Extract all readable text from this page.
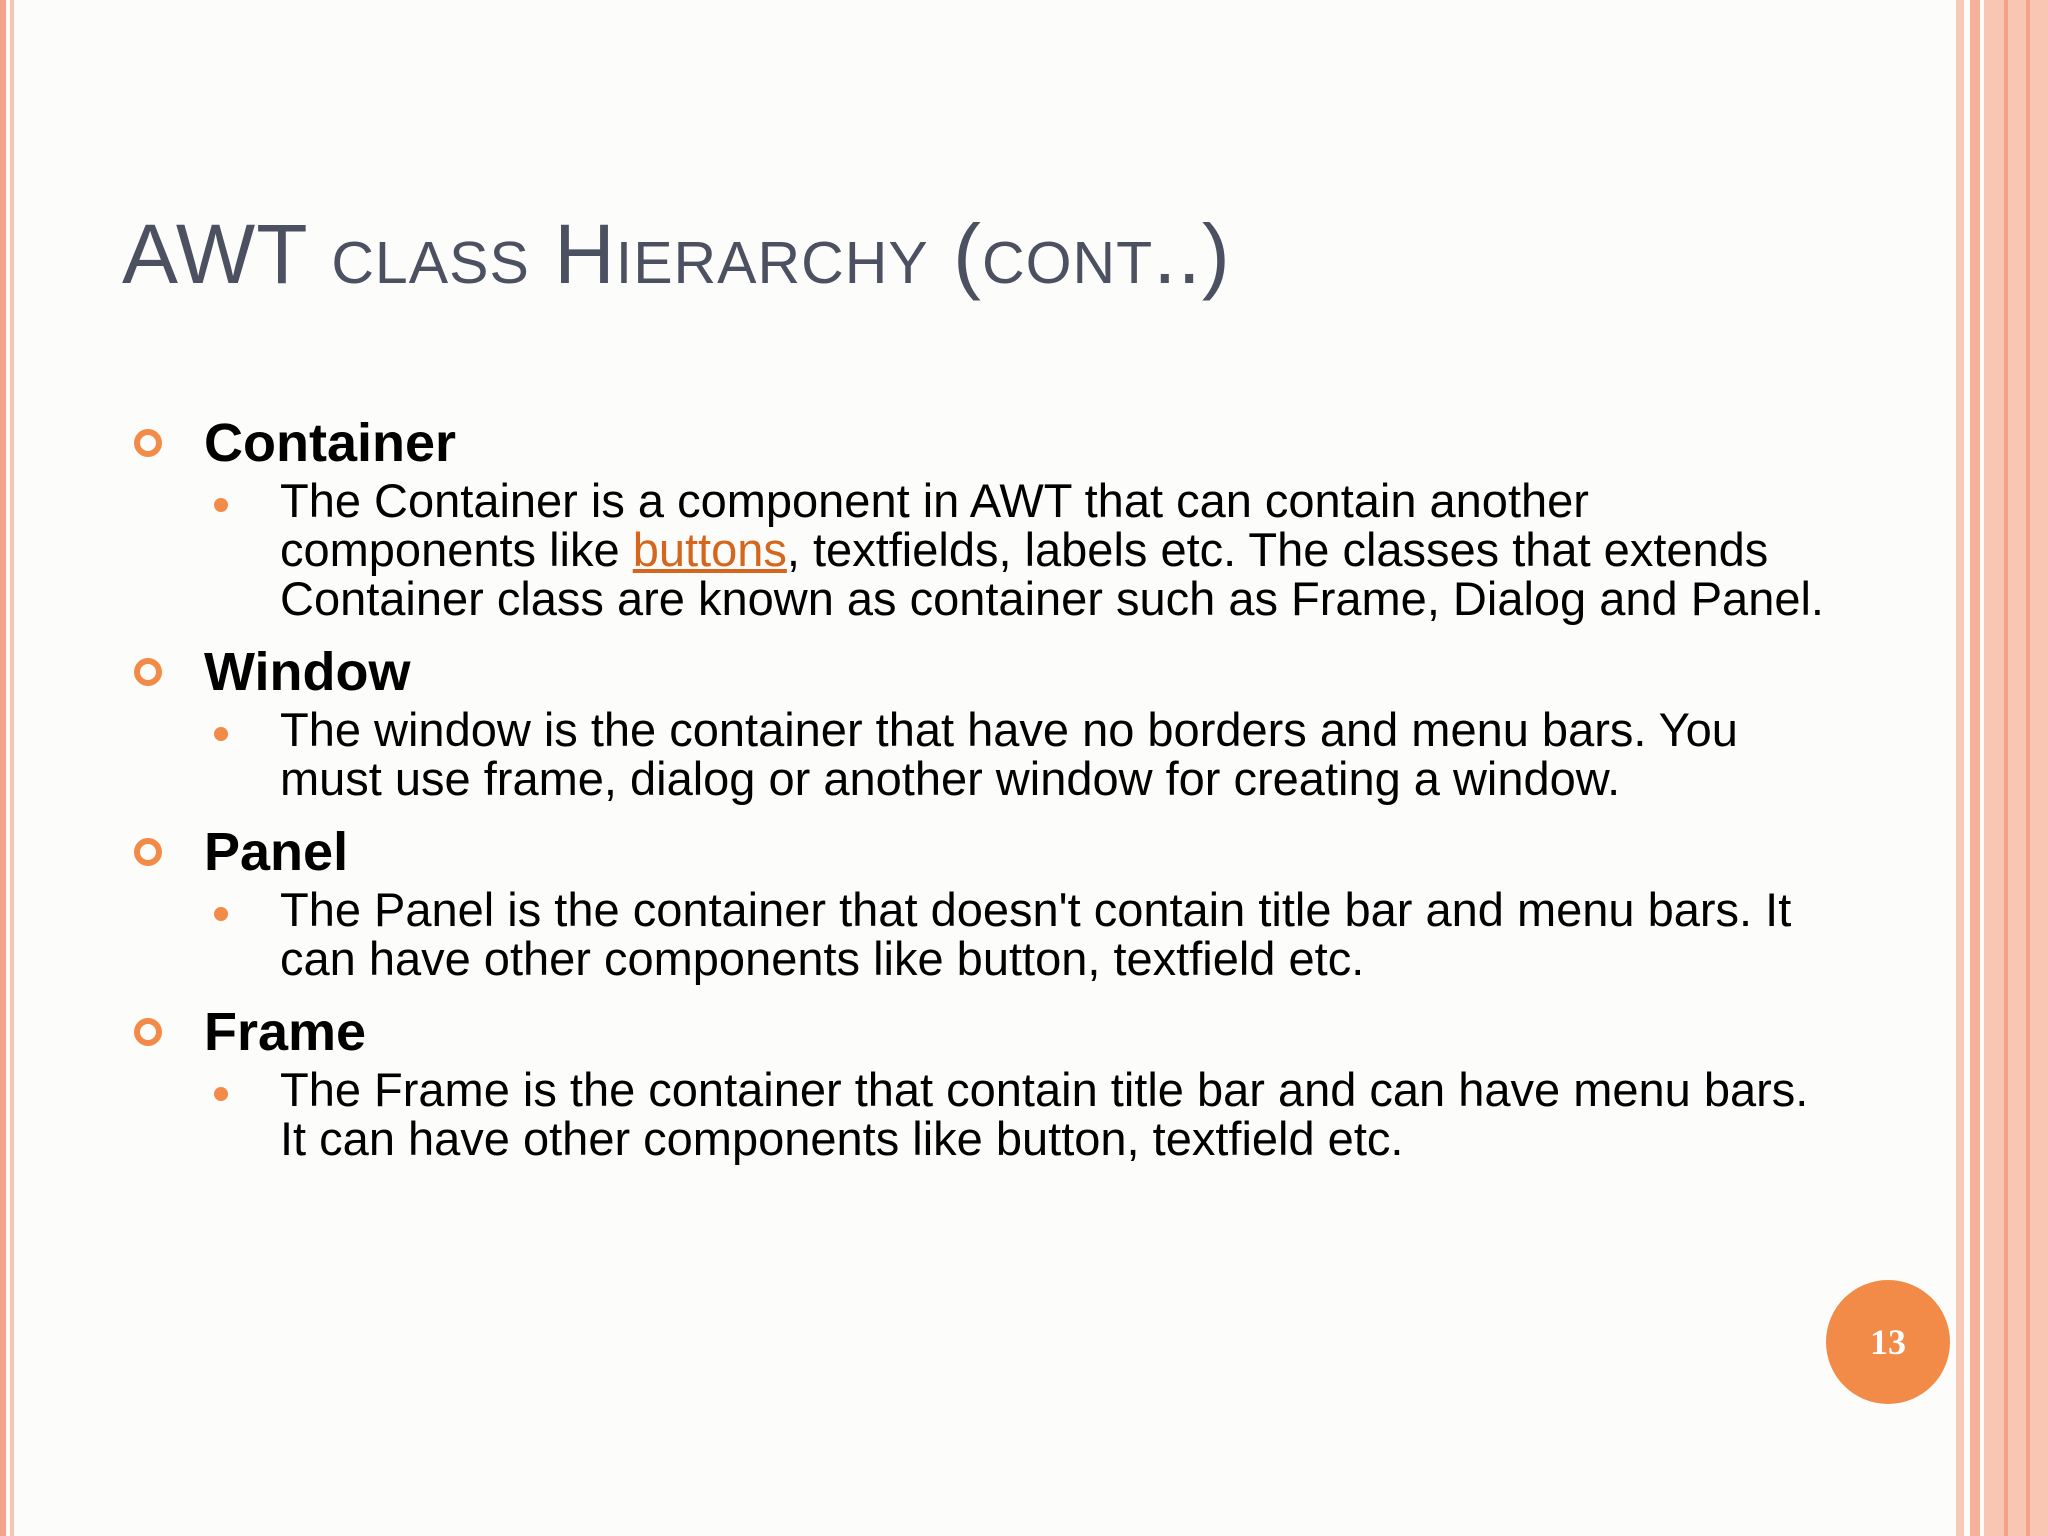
AWT class Hierarchy (cont..)
Container
The Container is a component in AWT that can contain another components like buttons, textfields, labels etc. The classes that extends Container class are known as container such as Frame, Dialog and Panel.
Window
The window is the container that have no borders and menu bars. You must use frame, dialog or another window for creating a window.
Panel
The Panel is the container that doesn't contain title bar and menu bars. It can have other components like button, textfield etc.
Frame
The Frame is the container that contain title bar and can have menu bars. It can have other components like button, textfield etc.
13
